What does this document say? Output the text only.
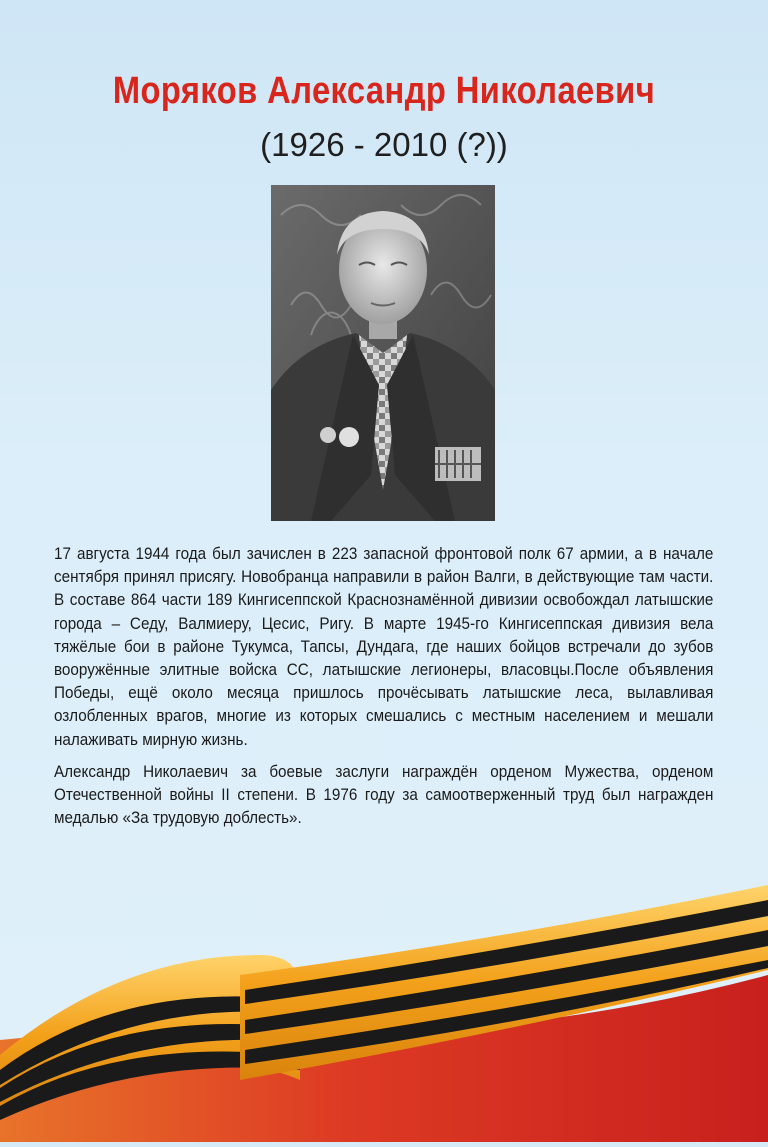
Моряков Александр Николаевич
(1926 - 2010 (?))

17 августа 1944 года был зачислен в 223 запасной фронтовой полк 67 армии, а в начале сентября принял присягу. Новобранца направили в район Валги, в действующие там части. В составе 864 части 189 Кингисеппской Краснознамённой дивизии освобождал латышские города – Седу, Валмиеру, Цесис, Ригу. В марте 1945-го Кингисеппская дивизия вела тяжёлые бои в районе Тукумса, Тапсы, Дундага, где наших бойцов встречали до зубов вооружённые элитные войска СС, латышские легионеры, власовцы.После объявления Победы, ещё около месяца пришлось прочёсывать латышские леса, вылавливая озлобленных врагов, многие из которых смешались с местным населением и мешали налаживать мирную жизнь.

Александр Николаевич за боевые заслуги награждён орденом Мужества, орденом Отечественной войны II степени. В 1976 году за самоотверженный труд был награжден медалью «За трудовую доблесть».
